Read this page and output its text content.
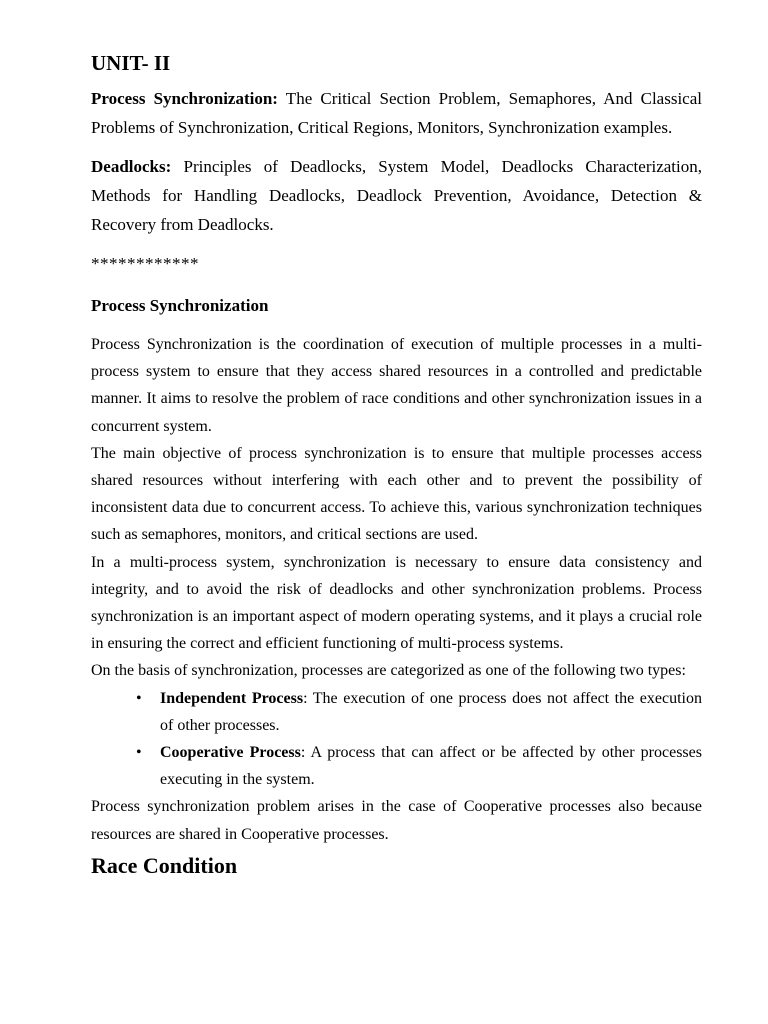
UNIT- II

Process Synchronization: The Critical Section Problem, Semaphores, And Classical Problems of Synchronization, Critical Regions, Monitors, Synchronization examples.

Deadlocks: Principles of Deadlocks, System Model, Deadlocks Characterization, Methods for Handling Deadlocks, Deadlock Prevention, Avoidance, Detection & Recovery from Deadlocks.

************
Process Synchronization

Process Synchronization is the coordination of execution of multiple processes in a multi-process system to ensure that they access shared resources in a controlled and predictable manner. It aims to resolve the problem of race conditions and other synchronization issues in a concurrent system.

The main objective of process synchronization is to ensure that multiple processes access shared resources without interfering with each other and to prevent the possibility of inconsistent data due to concurrent access. To achieve this, various synchronization techniques such as semaphores, monitors, and critical sections are used.

In a multi-process system, synchronization is necessary to ensure data consistency and integrity, and to avoid the risk of deadlocks and other synchronization problems. Process synchronization is an important aspect of modern operating systems, and it plays a crucial role in ensuring the correct and efficient functioning of multi-process systems.

On the basis of synchronization, processes are categorized as one of the following two types:

• Independent Process: The execution of one process does not affect the execution of other processes.
• Cooperative Process: A process that can affect or be affected by other processes executing in the system.

Process synchronization problem arises in the case of Cooperative processes also because resources are shared in Cooperative processes.

Race Condition
